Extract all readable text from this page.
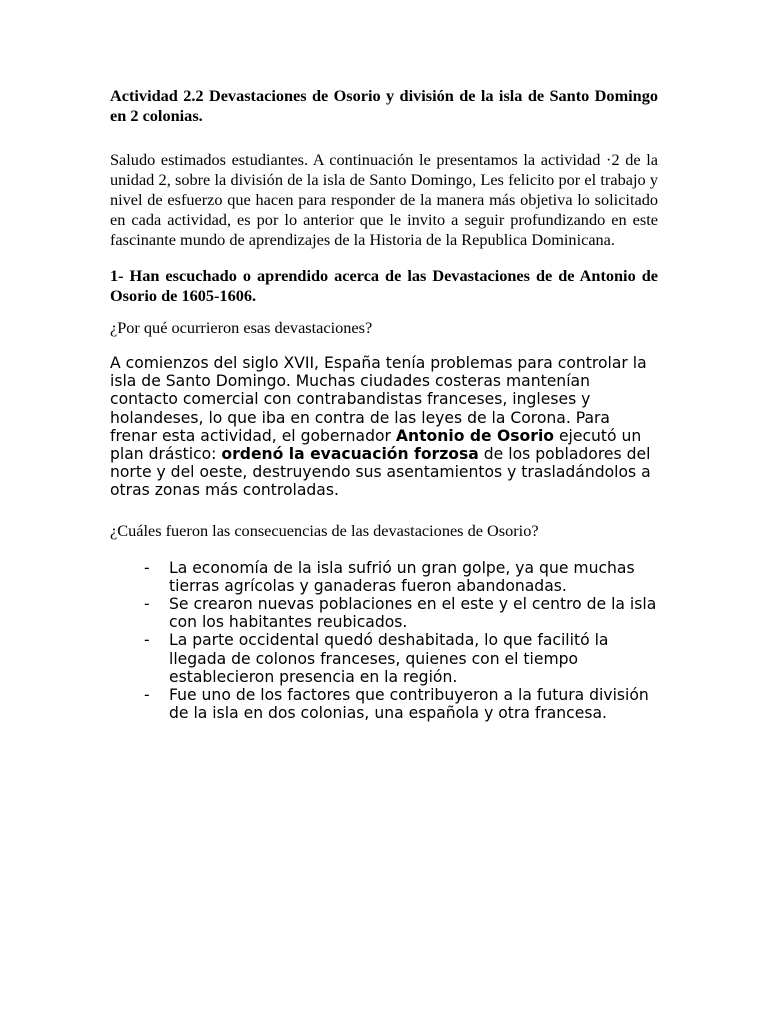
Actividad 2.2 Devastaciones de Osorio y división de la isla de Santo Domingo en 2 colonias.

Saludo estimados estudiantes. A continuación le presentamos la actividad ·2 de la unidad 2, sobre la división de la isla de Santo Domingo, Les felicito por el trabajo y nivel de esfuerzo que hacen para responder de la manera más objetiva lo solicitado en cada actividad, es por lo anterior que le invito a seguir profundizando en este fascinante mundo de aprendizajes de la Historia de la Republica Dominicana.

1- Han escuchado o aprendido acerca de las Devastaciones de de Antonio de Osorio de 1605-1606.

¿Por qué ocurrieron esas devastaciones?

A comienzos del siglo XVII, España tenía problemas para controlar la isla de Santo Domingo. Muchas ciudades costeras mantenían contacto comercial con contrabandistas franceses, ingleses y holandeses, lo que iba en contra de las leyes de la Corona. Para frenar esta actividad, el gobernador Antonio de Osorio ejecutó un plan drástico: ordenó la evacuación forzosa de los pobladores del norte y del oeste, destruyendo sus asentamientos y trasladándolos a otras zonas más controladas.

¿Cuáles fueron las consecuencias de las devastaciones de Osorio?

- La economía de la isla sufrió un gran golpe, ya que muchas tierras agrícolas y ganaderas fueron abandonadas.
- Se crearon nuevas poblaciones en el este y el centro de la isla con los habitantes reubicados.
- La parte occidental quedó deshabitada, lo que facilitó la llegada de colonos franceses, quienes con el tiempo establecieron presencia en la región.
- Fue uno de los factores que contribuyeron a la futura división de la isla en dos colonias, una española y otra francesa.
